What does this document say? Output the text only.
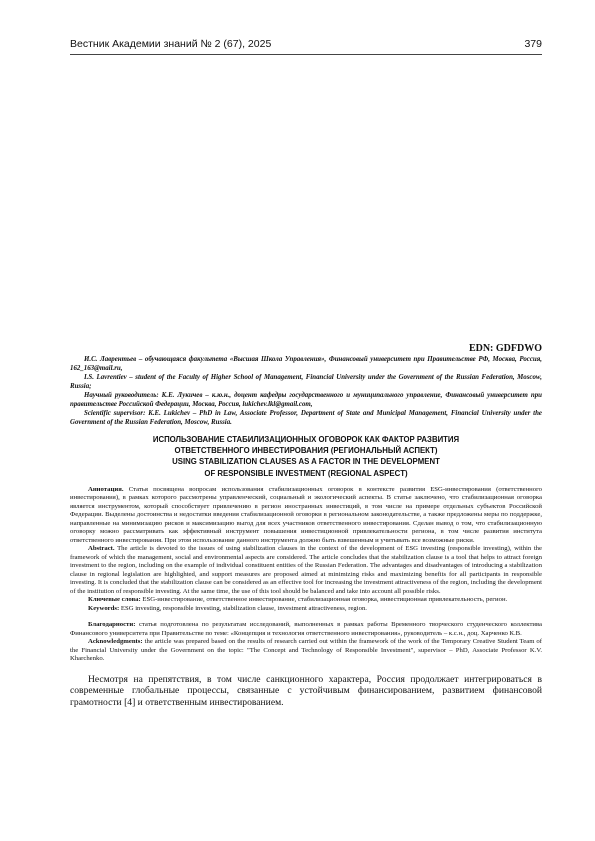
Вестник Академии знаний № 2 (67), 2025	379
EDN: GDFDWO

И.С. Лаврентьев – обучающаяся факультета «Высшая Школа Управления», Финансовый университет при Правительстве РФ, Москва, Россия, 162_163@mail.ru,

I.S. Lavrentiev – student of the Faculty of Higher School of Management, Financial University under the Government of the Russian Federation, Moscow, Russia;

Научный руководитель: К.Е. Лукичев – к.ю.н., доцент кафедры государственного и муниципального управление, Финансовый университет при правительстве Российской Федерации, Москва, Россия, lukichev.lkl@gmail.com,

Scientific supervisor: K.E. Lukichev – PhD in Law, Associate Professor, Department of State and Municipal Management, Financial University under the Government of the Russian Federation, Moscow, Russia.

ИСПОЛЬЗОВАНИЕ СТАБИЛИЗАЦИОННЫХ ОГОВОРОК КАК ФАКТОР РАЗВИТИЯ
ОТВЕТСТВЕННОГО ИНВЕСТИРОВАНИЯ (РЕГИОНАЛЬНЫЙ АСПЕКТ)
USING STABILIZATION CLAUSES AS A FACTOR IN THE DEVELOPMENT
OF RESPONSIBLE INVESTMENT (REGIONAL ASPECT)

Аннотация. Статья посвящена вопросам использования стабилизационных оговорок в контексте развития ESG-инвестирования (ответственного инвестирования), в рамках которого рассмотрены управленческий, социальный и экологический аспекты. В статье заключено, что стабилизационная оговорка является инструментом, который способствует привлечению в регион иностранных инвестиций, в том числе на примере отдельных субъектов Российской Федерации. Выделены достоинства и недостатки введения стабилизационной оговорки в региональном законодательстве, а также предложены меры по поддержке, направленные на минимизацию рисков и максимизацию выгод для всех участников ответственного инвестирования. Сделан вывод о том, что стабилизационную оговорку можно рассматривать как эффективный инструмент повышения инвестиционной привлекательности региона, в том числе развития института ответственного инвестирования. При этом использование данного инструмента должно быть взвешенным и учитывать все возможные риски.

Abstract. The article is devoted to the issues of using stabilization clauses in the context of the development of ESG investing (responsible investing), within the framework of which the management, social and environmental aspects are considered. The article concludes that the stabilization clause is a tool that helps to attract foreign investment to the region, including on the example of individual constituent entities of the Russian Federation. The advantages and disadvantages of introducing a stabilization clause in regional legislation are highlighted, and support measures are proposed aimed at minimizing risks and maximizing benefits for all participants in responsible investing. It is concluded that the stabilization clause can be considered as an effective tool for increasing the investment attractiveness of the region, including the development of the institution of responsible investing. At the same time, the use of this tool should be balanced and take into account all possible risks.

Ключевые слова: ESG-инвестирование, ответственное инвестирование, стабилизационная оговорка, инвестиционная привлекательность, регион.

Keywords: ESG investing, responsible investing, stabilization clause, investment attractiveness, region.

Благодарности: статья подготовлена по результатам исследований, выполненных в рамках работы Временного творческого студенческого коллектива Финансового университета при Правительстве по теме: «Концепция и технология ответственного инвестирования», руководитель – к.с.н., доц. Харченко К.В.

Acknowledgments: the article was prepared based on the results of research carried out within the framework of the work of the Temporary Creative Student Team of the Financial University under the Government on the topic: "The Concept and Technology of Responsible Investment", supervisor – PhD, Associate Professor K.V. Kharchenko.

Несмотря на препятствия, в том числе санкционного характера, Россия продолжает интегрироваться в современные глобальные процессы, связанные с устойчивым финансированием, развитием финансовой грамотности [4] и ответственным инвестированием.
